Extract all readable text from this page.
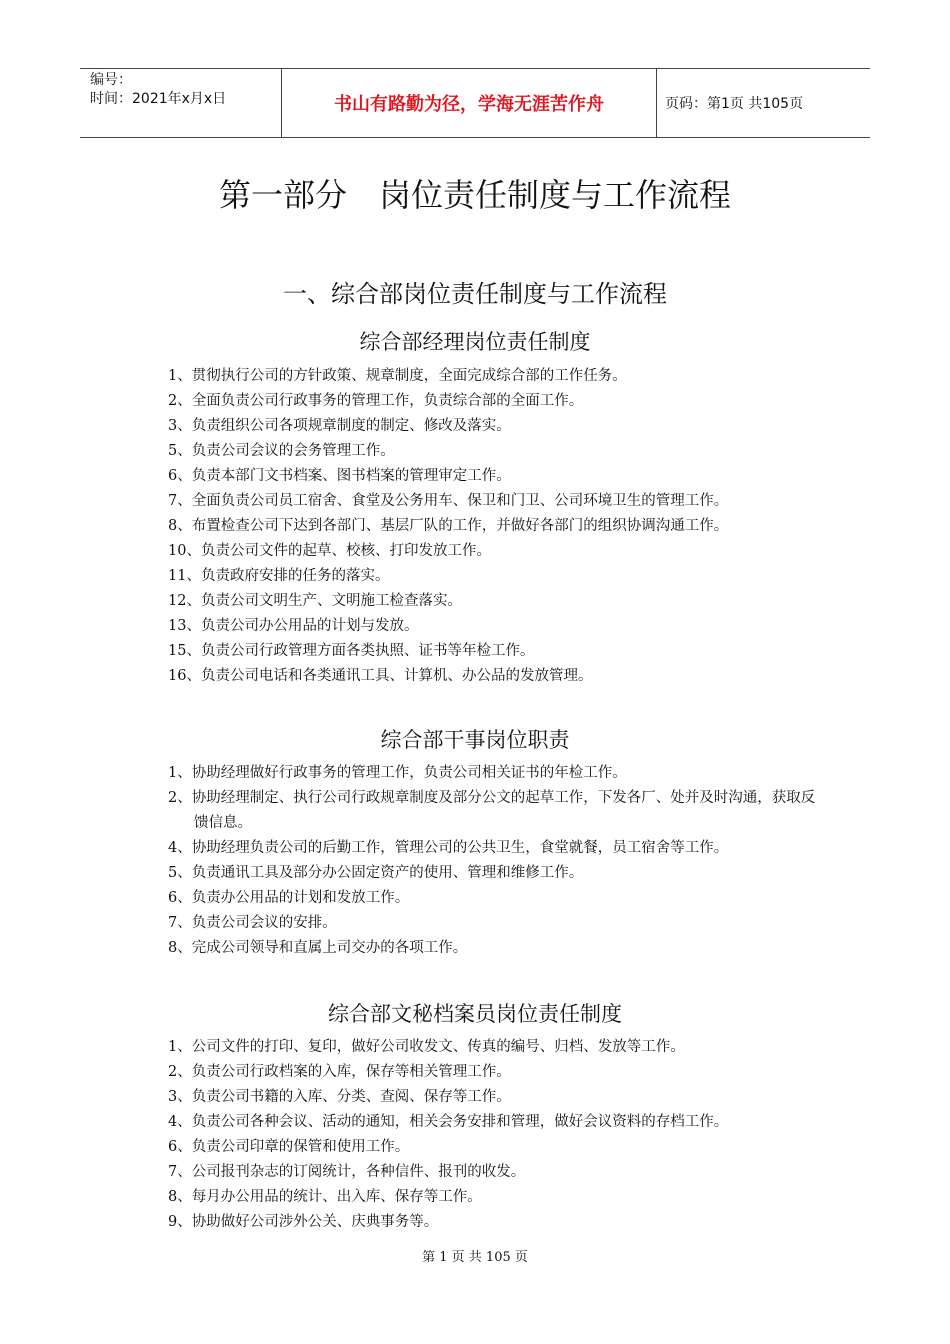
编号：
时间：2021年x月x日	书山有路勤为径，学海无涯苦作舟	页码：第1页 共105页
第一部分　岗位责任制度与工作流程
一、综合部岗位责任制度与工作流程
综合部经理岗位责任制度
1、贯彻执行公司的方针政策、规章制度，全面完成综合部的工作任务。
2、全面负责公司行政事务的管理工作，负责综合部的全面工作。
3、负责组织公司各项规章制度的制定、修改及落实。
5、负责公司会议的会务管理工作。
6、负责本部门文书档案、图书档案的管理审定工作。
7、全面负责公司员工宿舍、食堂及公务用车、保卫和门卫、公司环境卫生的管理工作。
8、布置检查公司下达到各部门、基层厂队的工作，并做好各部门的组织协调沟通工作。
10、负责公司文件的起草、校核、打印发放工作。
11、负责政府安排的任务的落实。
12、负责公司文明生产、文明施工检查落实。
13、负责公司办公用品的计划与发放。
15、负责公司行政管理方面各类执照、证书等年检工作。
16、负责公司电话和各类通讯工具、计算机、办公品的发放管理。
综合部干事岗位职责
1、协助经理做好行政事务的管理工作，负责公司相关证书的年检工作。
2、协助经理制定、执行公司行政规章制度及部分公文的起草工作，下发各厂、处并及时沟通，获取反馈信息。
4、协助经理负责公司的后勤工作，管理公司的公共卫生，食堂就餐，员工宿舍等工作。
5、负责通讯工具及部分办公固定资产的使用、管理和维修工作。
6、负责办公用品的计划和发放工作。
7、负责公司会议的安排。
8、完成公司领导和直属上司交办的各项工作。
综合部文秘档案员岗位责任制度
1、公司文件的打印、复印，做好公司收发文、传真的编号、归档、发放等工作。
2、负责公司行政档案的入库，保存等相关管理工作。
3、负责公司书籍的入库、分类、查阅、保存等工作。
4、负责公司各种会议、活动的通知，相关会务安排和管理，做好会议资料的存档工作。
6、负责公司印章的保管和使用工作。
7、公司报刊杂志的订阅统计，各种信件、报刊的收发。
8、每月办公用品的统计、出入库、保存等工作。
9、协助做好公司涉外公关、庆典事务等。
第 1 页 共 105 页
